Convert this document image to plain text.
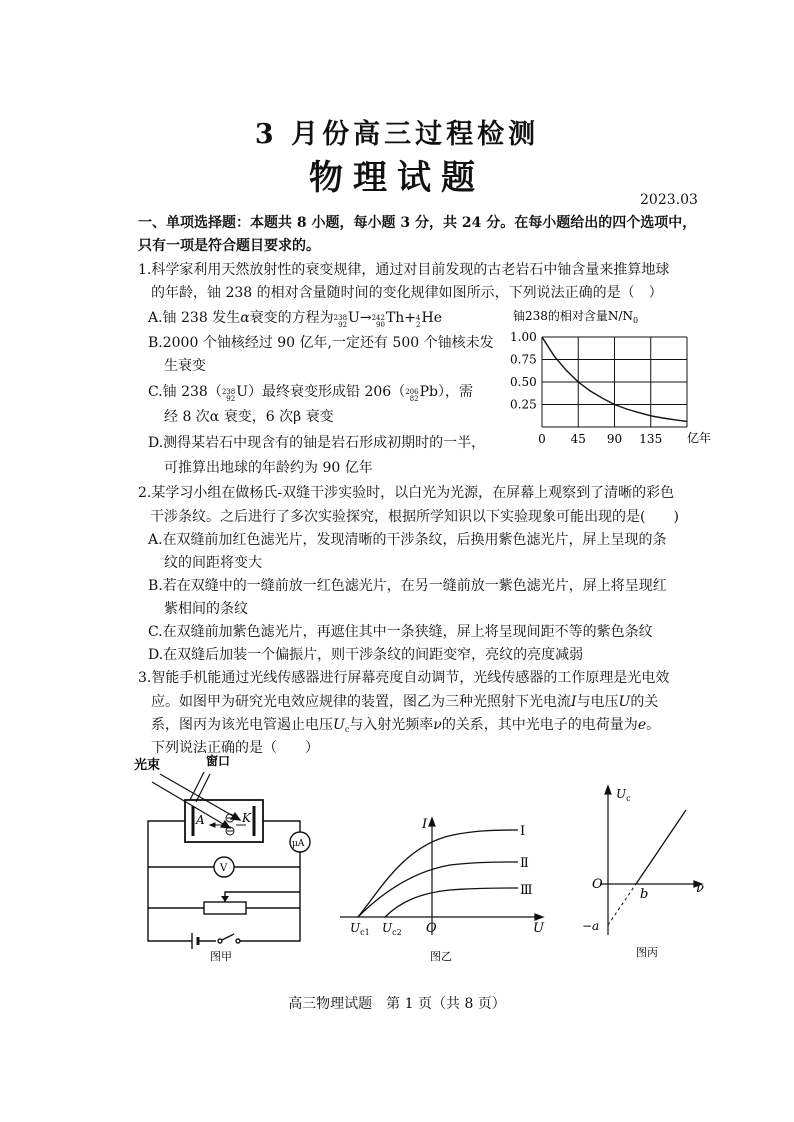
3 月份高三过程检测
物理试题
2023.03
一、单项选择题：本题共 8 小题，每小题 3 分，共 24 分。在每小题给出的四个选项中，
只有一项是符合题目要求的。
1.科学家利用天然放射性的衰变规律，通过对目前发现的古老岩石中铀含量来推算地球
的年龄，铀 238 的相对含量随时间的变化规律如图所示，下列说法正确的是（　）
A.铀 238 发生α衰变的方程为 238
92 U→ 242
90 Th+ 4
2 He
B.2000 个铀核经过 90 亿年,一定还有 500 个铀核未发
生衰变
C.铀 238（ 238
92 U）最终衰变形成铅 206（ 206
82 Pb），需
经 8 次α 衰变，6 次β 衰变
D.测得某岩石中现含有的铀是岩石形成初期时的一半，
可推算出地球的年龄约为 90 亿年
铀238的相对含量$N/N_0$
1.00
0.75
0.50
0.25
0 45 90 135 亿年
2.某学习小组在做杨氏-双缝干涉实验时，以白光为光源，在屏幕上观察到了清晰的彩色
干涉条纹。之后进行了多次实验探究，根据所学知识以下实验现象可能出现的是(　　)
A.在双缝前加红色滤光片，发现清晰的干涉条纹，后换用紫色滤光片，屏上呈现的条
纹的间距将变大
B.若在双缝中的一缝前放一红色滤光片，在另一缝前放一紫色滤光片，屏上将呈现红
紫相间的条纹
C.在双缝前加紫色滤光片，再遮住其中一条狭缝，屏上将呈现间距不等的紫色条纹
D.在双缝后加装一个偏振片，则干涉条纹的间距变窄，亮纹的亮度减弱
3.智能手机能通过光线传感器进行屏幕亮度自动调节，光线传感器的工作原理是光电效
应。如图甲为研究光电效应规律的装置，图乙为三种光照射下光电流I与电压U的关
系，图丙为该光电管遏止电压$U_c$与入射光频率ν的关系，其中光电子的电荷量为e。
下列说法正确的是（　　）
光束	窗口
A	K
μA
V
图甲
I	Ⅰ
Ⅱ
Ⅲ
$U_{c1}$ $U_{c2}$ O	U
图乙
$U_c$
O
b	ν
−a
图丙
高三物理试题　第 1 页（共 8 页）
